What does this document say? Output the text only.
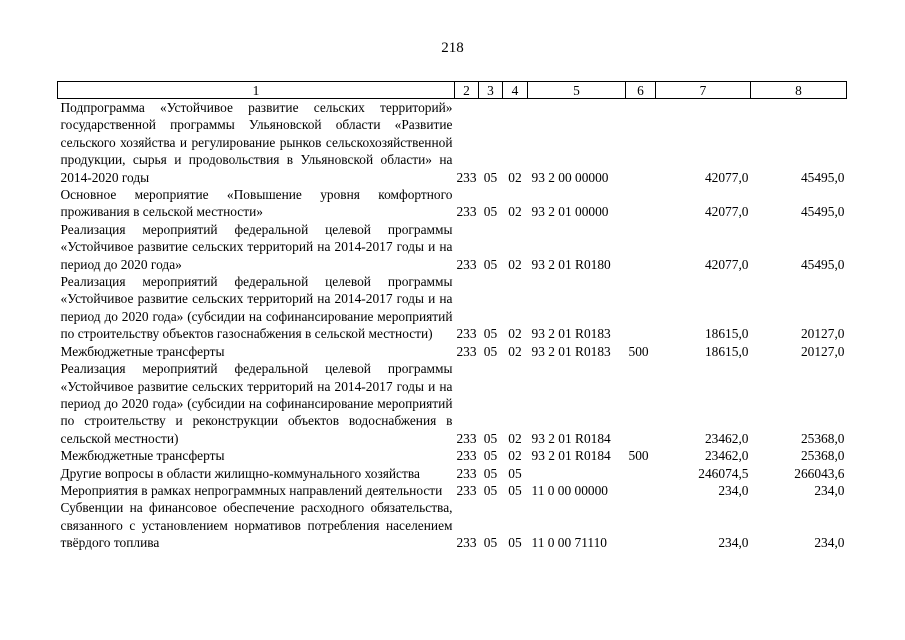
218
1	2	3	4	5	6	7	8
Подпрограмма «Устойчивое развитие сельских территорий» государственной программы Ульяновской области «Развитие сельского хозяйства и регулирование рынков сельскохозяйственной продукции, сырья и продовольствия в Ульяновской области» на 2014-2020 годы	233	05	02	93 2 00 00000		42077,0	45495,0
Основное мероприятие «Повышение уровня комфортного проживания в сельской местности»	233	05	02	93 2 01 00000		42077,0	45495,0
Реализация мероприятий федеральной целевой программы «Устойчивое развитие сельских территорий на 2014-2017 годы и на период до 2020 года»	233	05	02	93 2 01 R0180		42077,0	45495,0
Реализация мероприятий федеральной целевой программы «Устойчивое развитие сельских территорий на 2014-2017 годы и на период до 2020 года» (субсидии на софинансирование мероприятий по строительству объектов газоснабжения в сельской местности)	233	05	02	93 2 01 R0183		18615,0	20127,0
Межбюджетные трансферты	233	05	02	93 2 01 R0183	500	18615,0	20127,0
Реализация мероприятий федеральной целевой программы «Устойчивое развитие сельских территорий на 2014-2017 годы и на период до 2020 года» (субсидии на софинансирование мероприятий по строительству и реконструкции объектов водоснабжения в сельской местности)	233	05	02	93 2 01 R0184		23462,0	25368,0
Межбюджетные трансферты	233	05	02	93 2 01 R0184	500	23462,0	25368,0
Другие вопросы в области жилищно-коммунального хозяйства	233	05	05			246074,5	266043,6
Мероприятия в рамках непрограммных направлений деятельности	233	05	05	11 0 00 00000		234,0	234,0
Субвенции на финансовое обеспечение расходного обязательства, связанного с установлением нормативов потребления населением твёрдого топлива	233	05	05	11 0 00 71110		234,0	234,0
